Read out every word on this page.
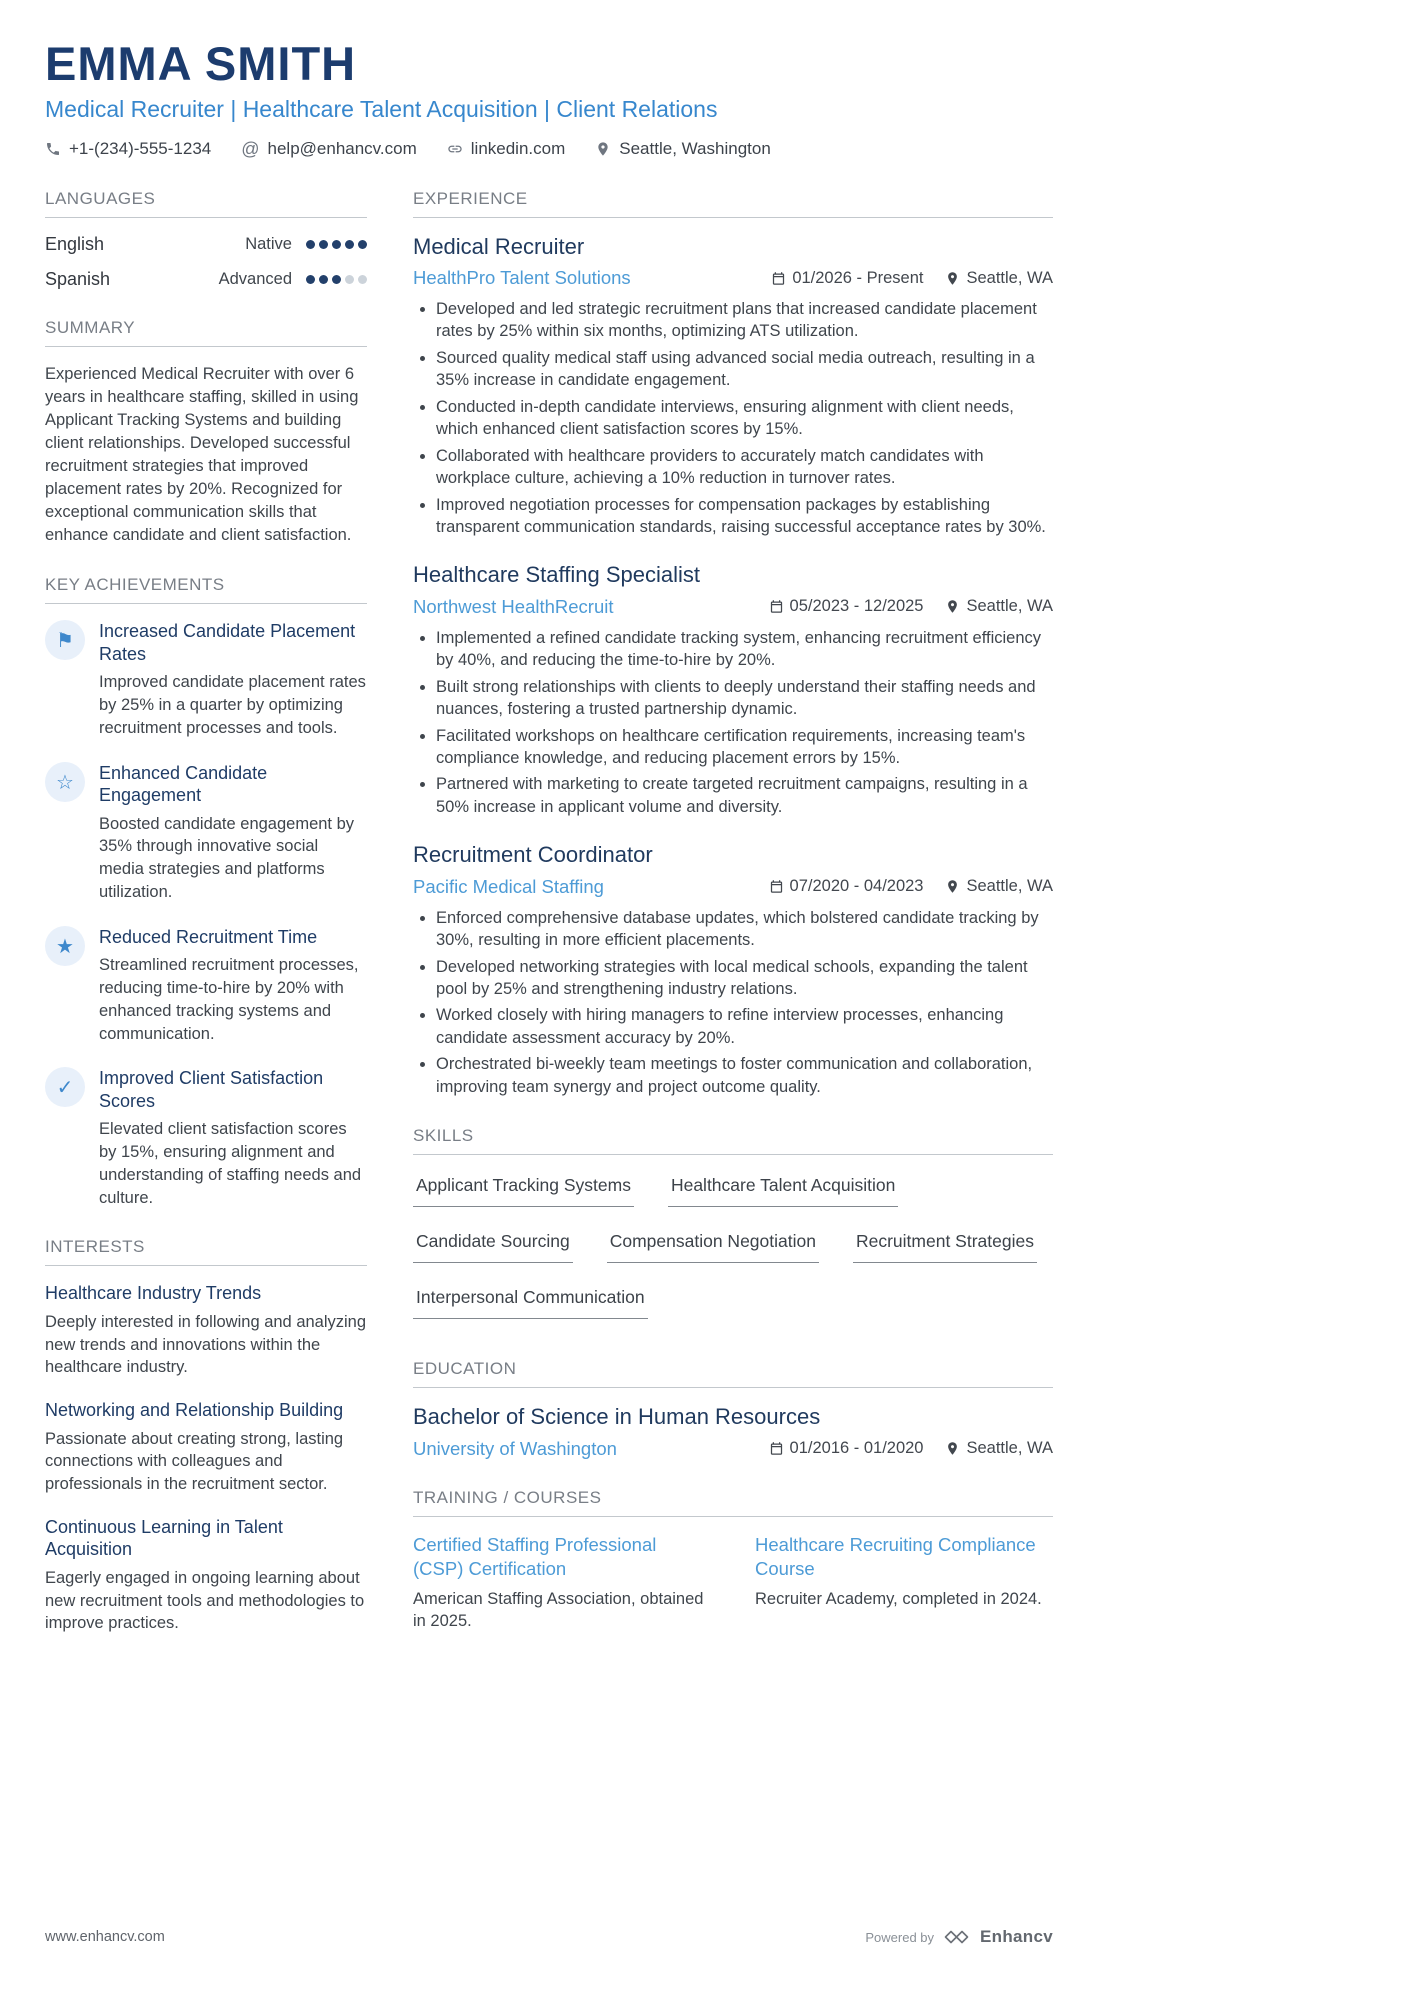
EMMA SMITH
Medical Recruiter | Healthcare Talent Acquisition | Client Relations
+1-(234)-555-1234 @ help@enhancv.com	linkedin.com	Seattle, Washington
LANGUAGES
English	Native
Spanish	Advanced
SUMMARY
Experienced Medical Recruiter with over 6 years in healthcare staffing, skilled in using Applicant Tracking Systems and building client relationships. Developed successful recruitment strategies that improved placement rates by 20%. Recognized for exceptional communication skills that enhance candidate and client satisfaction.
KEY ACHIEVEMENTS
⚑	Increased Candidate Placement Rates
Improved candidate placement rates by 25% in a quarter by optimizing recruitment processes and tools.
☆	Enhanced Candidate Engagement
Boosted candidate engagement by 35% through innovative social media strategies and platforms utilization.
★	Reduced Recruitment Time
Streamlined recruitment processes, reducing time-to-hire by 20% with enhanced tracking systems and communication.
✓	Improved Client Satisfaction Scores
Elevated client satisfaction scores by 15%, ensuring alignment and understanding of staffing needs and culture.
INTERESTS
Healthcare Industry Trends
Deeply interested in following and analyzing new trends and innovations within the healthcare industry.
Networking and Relationship Building
Passionate about creating strong, lasting connections with colleagues and professionals in the recruitment sector.
Continuous Learning in Talent Acquisition
Eagerly engaged in ongoing learning about new recruitment tools and methodologies to improve practices.
EXPERIENCE
Medical Recruiter
HealthPro Talent Solutions	01/2026 - Present	Seattle, WA
• Developed and led strategic recruitment plans that increased candidate placement rates by 25% within six months, optimizing ATS utilization.
• Sourced quality medical staff using advanced social media outreach, resulting in a 35% increase in candidate engagement.
• Conducted in-depth candidate interviews, ensuring alignment with client needs, which enhanced client satisfaction scores by 15%.
• Collaborated with healthcare providers to accurately match candidates with workplace culture, achieving a 10% reduction in turnover rates.
• Improved negotiation processes for compensation packages by establishing transparent communication standards, raising successful acceptance rates by 30%.
Healthcare Staffing Specialist
Northwest HealthRecruit	05/2023 - 12/2025	Seattle, WA
• Implemented a refined candidate tracking system, enhancing recruitment efficiency by 40%, and reducing the time-to-hire by 20%.
• Built strong relationships with clients to deeply understand their staffing needs and nuances, fostering a trusted partnership dynamic.
• Facilitated workshops on healthcare certification requirements, increasing team's compliance knowledge, and reducing placement errors by 15%.
• Partnered with marketing to create targeted recruitment campaigns, resulting in a 50% increase in applicant volume and diversity.
Recruitment Coordinator
Pacific Medical Staffing	07/2020 - 04/2023	Seattle, WA
• Enforced comprehensive database updates, which bolstered candidate tracking by 30%, resulting in more efficient placements.
• Developed networking strategies with local medical schools, expanding the talent pool by 25% and strengthening industry relations.
• Worked closely with hiring managers to refine interview processes, enhancing candidate assessment accuracy by 20%.
• Orchestrated bi-weekly team meetings to foster communication and collaboration, improving team synergy and project outcome quality.
SKILLS
Applicant Tracking Systems Healthcare Talent Acquisition
Candidate Sourcing Compensation Negotiation Recruitment Strategies
Interpersonal Communication
EDUCATION
Bachelor of Science in Human Resources
University of Washington	01/2016 - 01/2020	Seattle, WA
TRAINING / COURSES
Certified Staffing Professional (CSP) Certification
American Staffing Association, obtained in 2025.
Healthcare Recruiting Compliance Course
Recruiter Academy, completed in 2024.
www.enhancv.com	Powered by	Enhancv
